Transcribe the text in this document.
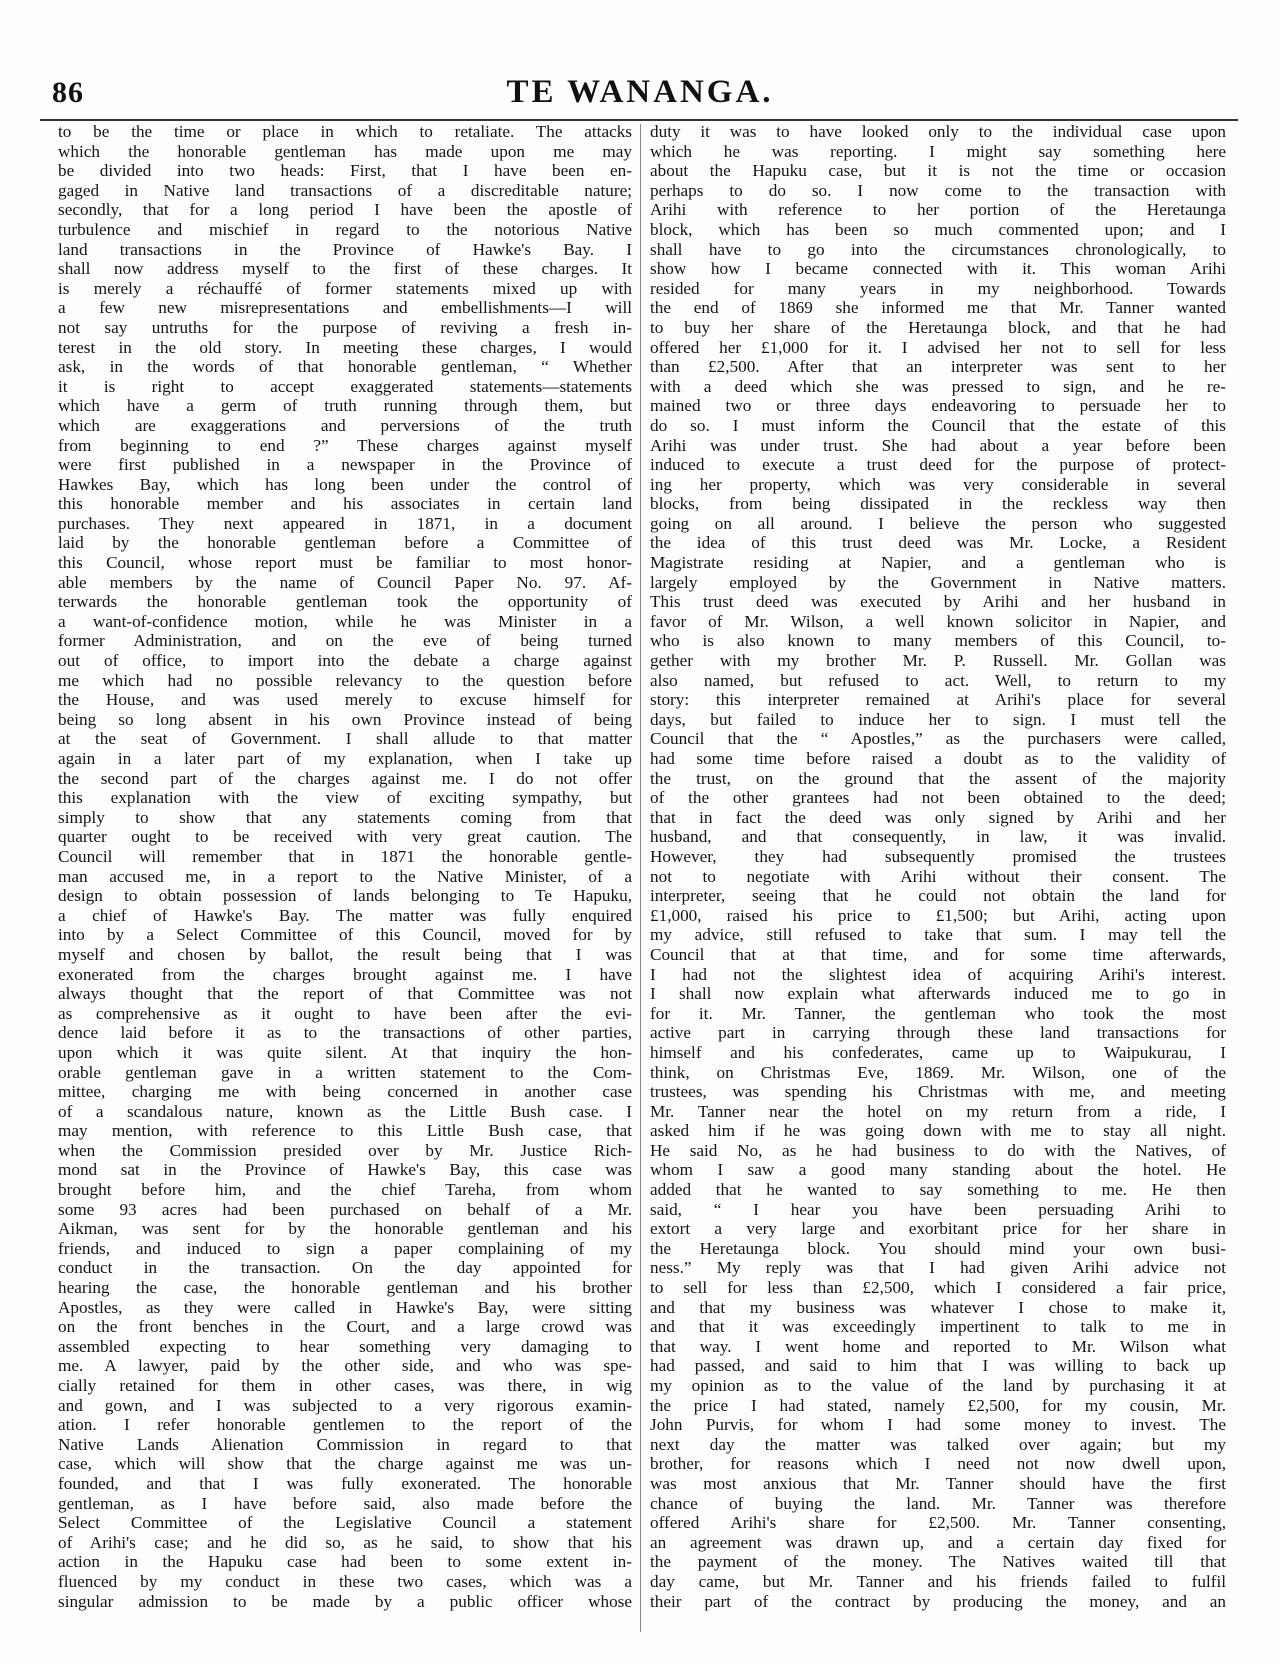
86	TE WANANGA.
to be the time or place in which to retaliate. The attacks
which the honorable gentleman has made upon me may
be divided into two heads: First, that I have been en-
gaged in Native land transactions of a discreditable nature;
secondly, that for a long period I have been the apostle of
turbulence and mischief in regard to the notorious Native
land transactions in the Province of Hawke's Bay. I
shall now address myself to the first of these charges. It
is merely a réchauffé of former statements mixed up with
a few new misrepresentations and embellishments—I will
not say untruths for the purpose of reviving a fresh in-
terest in the old story. In meeting these charges, I would
ask, in the words of that honorable gentleman, “ Whether
it is right to accept exaggerated statements—statements
which have a germ of truth running through them, but
which are exaggerations and perversions of the truth
from beginning to end ?” These charges against myself
were first published in a newspaper in the Province of
Hawkes Bay, which has long been under the control of
this honorable member and his associates in certain land
purchases. They next appeared in 1871, in a document
laid by the honorable gentleman before a Committee of
this Council, whose report must be familiar to most honor-
able members by the name of Council Paper No. 97. Af-
terwards the honorable gentleman took the opportunity of
a want-of-confidence motion, while he was Minister in a
former Administration, and on the eve of being turned
out of office, to import into the debate a charge against
me which had no possible relevancy to the question before
the House, and was used merely to excuse himself for
being so long absent in his own Province instead of being
at the seat of Government. I shall allude to that matter
again in a later part of my explanation, when I take up
the second part of the charges against me. I do not offer
this explanation with the view of exciting sympathy, but
simply to show that any statements coming from that
quarter ought to be received with very great caution. The
Council will remember that in 1871 the honorable gentle-
man accused me, in a report to the Native Minister, of a
design to obtain possession of lands belonging to Te Hapuku,
a chief of Hawke's Bay. The matter was fully enquired
into by a Select Committee of this Council, moved for by
myself and chosen by ballot, the result being that I was
exonerated from the charges brought against me. I have
always thought that the report of that Committee was not
as comprehensive as it ought to have been after the evi-
dence laid before it as to the transactions of other parties,
upon which it was quite silent. At that inquiry the hon-
orable gentleman gave in a written statement to the Com-
mittee, charging me with being concerned in another case
of a scandalous nature, known as the Little Bush case. I
may mention, with reference to this Little Bush case, that
when the Commission presided over by Mr. Justice Rich-
mond sat in the Province of Hawke's Bay, this case was
brought before him, and the chief Tareha, from whom
some 93 acres had been purchased on behalf of a Mr.
Aikman, was sent for by the honorable gentleman and his
friends, and induced to sign a paper complaining of my
conduct in the transaction. On the day appointed for
hearing the case, the honorable gentleman and his brother
Apostles, as they were called in Hawke's Bay, were sitting
on the front benches in the Court, and a large crowd was
assembled expecting to hear something very damaging to
me. A lawyer, paid by the other side, and who was spe-
cially retained for them in other cases, was there, in wig
and gown, and I was subjected to a very rigorous examin-
ation. I refer honorable gentlemen to the report of the
Native Lands Alienation Commission in regard to that
case, which will show that the charge against me was un-
founded, and that I was fully exonerated. The honorable
gentleman, as I have before said, also made before the
Select Committee of the Legislative Council a statement
of Arihi's case; and he did so, as he said, to show that his
action in the Hapuku case had been to some extent in-
fluenced by my conduct in these two cases, which was a
singular admission to be made by a public officer whose
duty it was to have looked only to the individual case upon
which he was reporting. I might say something here
about the Hapuku case, but it is not the time or occasion
perhaps to do so. I now come to the transaction with
Arihi with reference to her portion of the Heretaunga
block, which has been so much commented upon; and I
shall have to go into the circumstances chronologically, to
show how I became connected with it. This woman Arihi
resided for many years in my neighborhood. Towards
the end of 1869 she informed me that Mr. Tanner wanted
to buy her share of the Heretaunga block, and that he had
offered her £1,000 for it. I advised her not to sell for less
than £2,500. After that an interpreter was sent to her
with a deed which she was pressed to sign, and he re-
mained two or three days endeavoring to persuade her to
do so. I must inform the Council that the estate of this
Arihi was under trust. She had about a year before been
induced to execute a trust deed for the purpose of protect-
ing her property, which was very considerable in several
blocks, from being dissipated in the reckless way then
going on all around. I believe the person who suggested
the idea of this trust deed was Mr. Locke, a Resident
Magistrate residing at Napier, and a gentleman who is
largely employed by the Government in Native matters.
This trust deed was executed by Arihi and her husband in
favor of Mr. Wilson, a well known solicitor in Napier, and
who is also known to many members of this Council, to-
gether with my brother Mr. P. Russell. Mr. Gollan was
also named, but refused to act. Well, to return to my
story: this interpreter remained at Arihi's place for several
days, but failed to induce her to sign. I must tell the
Council that the “ Apostles,” as the purchasers were called,
had some time before raised a doubt as to the validity of
the trust, on the ground that the assent of the majority
of the other grantees had not been obtained to the deed;
that in fact the deed was only signed by Arihi and her
husband, and that consequently, in law, it was invalid.
However, they had subsequently promised the trustees
not to negotiate with Arihi without their consent. The
interpreter, seeing that he could not obtain the land for
£1,000, raised his price to £1,500; but Arihi, acting upon
my advice, still refused to take that sum. I may tell the
Council that at that time, and for some time afterwards,
I had not the slightest idea of acquiring Arihi's interest.
I shall now explain what afterwards induced me to go in
for it. Mr. Tanner, the gentleman who took the most
active part in carrying through these land transactions for
himself and his confederates, came up to Waipukurau, I
think, on Christmas Eve, 1869. Mr. Wilson, one of the
trustees, was spending his Christmas with me, and meeting
Mr. Tanner near the hotel on my return from a ride, I
asked him if he was going down with me to stay all night.
He said No, as he had business to do with the Natives, of
whom I saw a good many standing about the hotel. He
added that he wanted to say something to me. He then
said, “ I hear you have been persuading Arihi to
extort a very large and exorbitant price for her share in
the Heretaunga block. You should mind your own busi-
ness.” My reply was that I had given Arihi advice not
to sell for less than £2,500, which I considered a fair price,
and that my business was whatever I chose to make it,
and that it was exceedingly impertinent to talk to me in
that way. I went home and reported to Mr. Wilson what
had passed, and said to him that I was willing to back up
my opinion as to the value of the land by purchasing it at
the price I had stated, namely £2,500, for my cousin, Mr.
John Purvis, for whom I had some money to invest. The
next day the matter was talked over again; but my
brother, for reasons which I need not now dwell upon,
was most anxious that Mr. Tanner should have the first
chance of buying the land. Mr. Tanner was therefore
offered Arihi's share for £2,500. Mr. Tanner consenting,
an agreement was drawn up, and a certain day fixed for
the payment of the money. The Natives waited till that
day came, but Mr. Tanner and his friends failed to fulfil
their part of the contract by producing the money, and an
